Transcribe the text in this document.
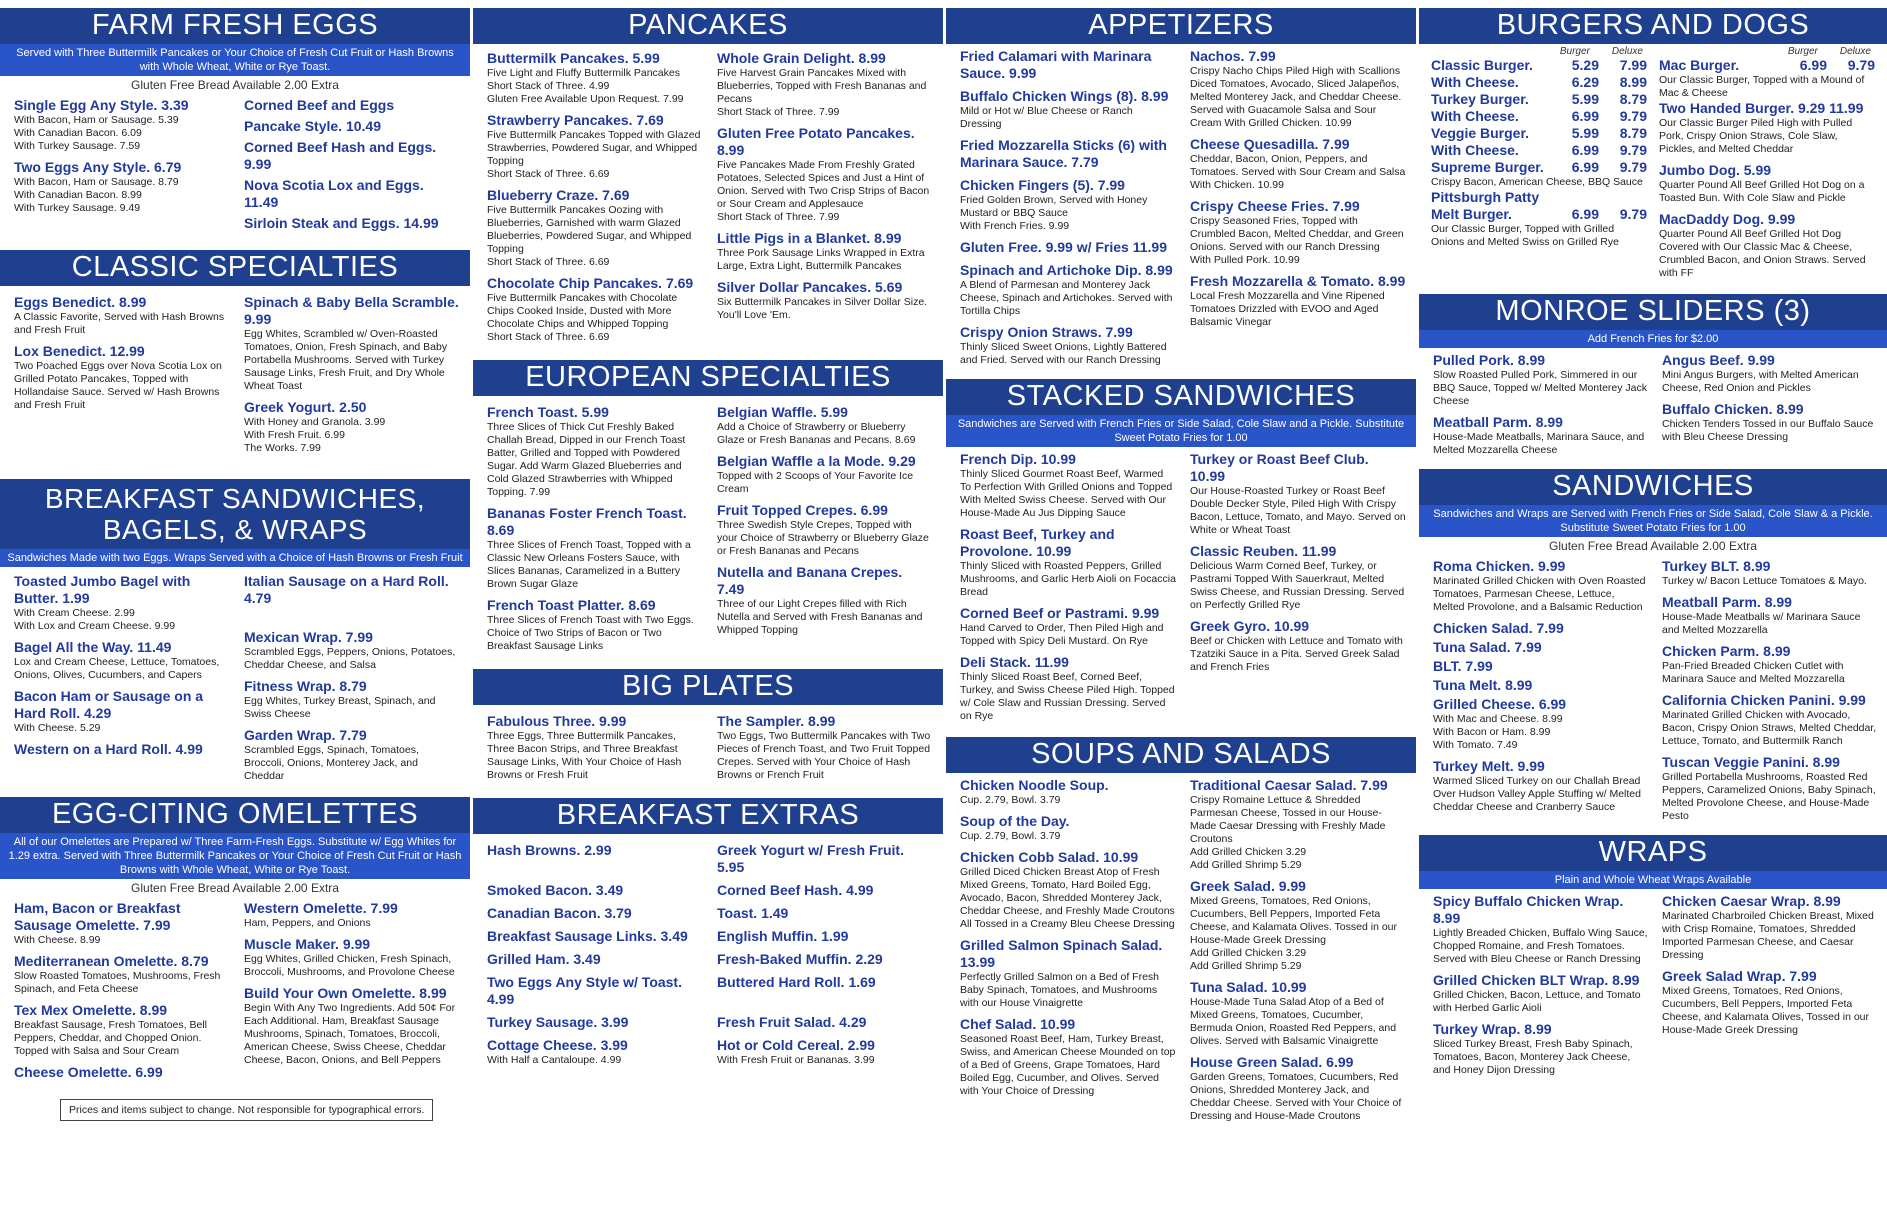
FARM FRESH EGGS
Served with Three Buttermilk Pancakes or Your Choice of Fresh Cut Fruit or Hash Browns with Whole Wheat, White or Rye Toast.
Gluten Free Bread Available 2.00 Extra
Single Egg Any Style. 3.39
With Bacon, Ham or Sausage. 5.39
With Canadian Bacon. 6.09
With Turkey Sausage. 7.59
Two Eggs Any Style. 6.79
With Bacon, Ham or Sausage. 8.79
With Canadian Bacon. 8.99
With Turkey Sausage. 9.49
Corned Beef and Eggs
Pancake Style. 10.49
Corned Beef Hash and Eggs. 9.99
Nova Scotia Lox and Eggs. 11.49
Sirloin Steak and Eggs. 14.99
CLASSIC SPECIALTIES
Eggs Benedict. 8.99
A Classic Favorite, Served with Hash Browns and Fresh Fruit
Lox Benedict. 12.99
Two Poached Eggs over Nova Scotia Lox on Grilled Potato Pancakes, Topped with Hollandaise Sauce. Served w/ Hash Browns and Fresh Fruit
Spinach & Baby Bella Scramble. 9.99
Egg Whites, Scrambled w/ Oven-Roasted Tomatoes, Onion, Fresh Spinach, and Baby Portabella Mushrooms. Served with Turkey Sausage Links, Fresh Fruit, and Dry Whole Wheat Toast
Greek Yogurt. 2.50
With Honey and Granola. 3.99
With Fresh Fruit. 6.99
The Works. 7.99
BREAKFAST SANDWICHES,
BAGELS, & WRAPS
Sandwiches Made with two Eggs. Wraps Served with a Choice of Hash Browns or Fresh Fruit
Toasted Jumbo Bagel with Butter. 1.99
With Cream Cheese. 2.99
With Lox and Cream Cheese. 9.99
Bagel All the Way. 11.49
Lox and Cream Cheese, Lettuce, Tomatoes, Onions, Olives, Cucumbers, and Capers
Bacon Ham or Sausage on a Hard Roll. 4.29
With Cheese. 5.29
Western on a Hard Roll. 4.99
Italian Sausage on a Hard Roll. 4.79
Mexican Wrap. 7.99
Scrambled Eggs, Peppers, Onions, Potatoes, Cheddar Cheese, and Salsa
Fitness Wrap. 8.79
Egg Whites, Turkey Breast, Spinach, and Swiss Cheese
Garden Wrap. 7.79
Scrambled Eggs, Spinach, Tomatoes, Broccoli, Onions, Monterey Jack, and Cheddar
EGG-CITING OMELETTES
All of our Omelettes are Prepared w/ Three Farm-Fresh Eggs. Substitute w/ Egg Whites for 1.29 extra. Served with Three Buttermilk Pancakes or Your Choice of Fresh Cut Fruit or Hash Browns with Whole Wheat, White or Rye Toast.
Gluten Free Bread Available 2.00 Extra
Ham, Bacon or Breakfast Sausage Omelette. 7.99
With Cheese. 8.99
Mediterranean Omelette. 8.79
Slow Roasted Tomatoes, Mushrooms, Fresh Spinach, and Feta Cheese
Tex Mex Omelette. 8.99
Breakfast Sausage, Fresh Tomatoes, Bell Peppers, Cheddar, and Chopped Onion. Topped with Salsa and Sour Cream
Cheese Omelette. 6.99
Western Omelette. 7.99
Ham, Peppers, and Onions
Muscle Maker. 9.99
Egg Whites, Grilled Chicken, Fresh Spinach, Broccoli, Mushrooms, and Provolone Cheese
Build Your Own Omelette. 8.99
Begin With Any Two Ingredients. Add 50¢ For Each Additional. Ham, Breakfast Sausage Mushrooms, Spinach, Tomatoes, Broccoli, American Cheese, Swiss Cheese, Cheddar Cheese, Bacon, Onions, and Bell Peppers
Prices and items subject to change. Not responsible for typographical errors.
PANCAKES
Buttermilk Pancakes. 5.99
Five Light and Fluffy Buttermilk Pancakes
Short Stack of Three. 4.99
Gluten Free Available Upon Request. 7.99
Strawberry Pancakes. 7.69
Five Buttermilk Pancakes Topped with Glazed Strawberries, Powdered Sugar, and Whipped Topping
Short Stack of Three. 6.69
Blueberry Craze. 7.69
Five Buttermilk Pancakes Oozing with Blueberries, Garnished with warm Glazed Blueberries, Powdered Sugar, and Whipped Topping
Short Stack of Three. 6.69
Chocolate Chip Pancakes. 7.69
Five Buttermilk Pancakes with Chocolate Chips Cooked Inside, Dusted with More Chocolate Chips and Whipped Topping
Short Stack of Three. 6.69
Whole Grain Delight. 8.99
Five Harvest Grain Pancakes Mixed with Blueberries, Topped with Fresh Bananas and Pecans
Short Stack of Three. 7.99
Gluten Free Potato Pancakes. 8.99
Five Pancakes Made From Freshly Grated Potatoes, Selected Spices and Just a Hint of Onion. Served with Two Crisp Strips of Bacon or Sour Cream and Applesauce
Short Stack of Three. 7.99
Little Pigs in a Blanket. 8.99
Three Pork Sausage Links Wrapped in Extra Large, Extra Light, Buttermilk Pancakes
Silver Dollar Pancakes. 5.69
Six Buttermilk Pancakes in Silver Dollar Size. You'll Love 'Em.
EUROPEAN SPECIALTIES
French Toast. 5.99
Three Slices of Thick Cut Freshly Baked Challah Bread, Dipped in our French Toast Batter, Grilled and Topped with Powdered Sugar. Add Warm Glazed Blueberries and Cold Glazed Strawberries with Whipped Topping. 7.99
Bananas Foster French Toast. 8.69
Three Slices of French Toast, Topped with a Classic New Orleans Fosters Sauce, with Slices Bananas, Caramelized in a Buttery Brown Sugar Glaze
French Toast Platter. 8.69
Three Slices of French Toast with Two Eggs. Choice of Two Strips of Bacon or Two Breakfast Sausage Links
Belgian Waffle. 5.99
Add a Choice of Strawberry or Blueberry Glaze or Fresh Bananas and Pecans. 8.69
Belgian Waffle a la Mode. 9.29
Topped with 2 Scoops of Your Favorite Ice Cream
Fruit Topped Crepes. 6.99
Three Swedish Style Crepes, Topped with your Choice of Strawberry or Blueberry Glaze or Fresh Bananas and Pecans
Nutella and Banana Crepes. 7.49
Three of our Light Crepes filled with Rich Nutella and Served with Fresh Bananas and Whipped Topping
BIG PLATES
Fabulous Three. 9.99
Three Eggs, Three Buttermilk Pancakes, Three Bacon Strips, and Three Breakfast Sausage Links, With Your Choice of Hash Browns or Fresh Fruit
The Sampler. 8.99
Two Eggs, Two Buttermilk Pancakes with Two Pieces of French Toast, and Two Fruit Topped Crepes. Served with Your Choice of Hash Browns or French Fruit
BREAKFAST EXTRAS
Hash Browns. 2.99	Greek Yogurt w/ Fresh Fruit. 5.95
Smoked Bacon. 3.49	Corned Beef Hash. 4.99
Canadian Bacon. 3.79	Toast. 1.49
Breakfast Sausage Links. 3.49	English Muffin. 1.99
Grilled Ham. 3.49	Fresh-Baked Muffin. 2.29
Two Eggs Any Style w/ Toast. 4.99
Buttered Hard Roll. 1.69
Turkey Sausage. 3.99	Fresh Fruit Salad. 4.29
Cottage Cheese. 3.99
With Half a Cantaloupe. 4.99
Hot or Cold Cereal. 2.99
With Fresh Fruit or Bananas. 3.99
APPETIZERS
Fried Calamari with Marinara Sauce. 9.99
Buffalo Chicken Wings (8). 8.99
Mild or Hot w/ Blue Cheese or Ranch Dressing
Fried Mozzarella Sticks (6) with Marinara Sauce. 7.79
Chicken Fingers (5). 7.99
Fried Golden Brown, Served with Honey Mustard or BBQ Sauce
With French Fries. 9.99
Gluten Free. 9.99 w/ Fries 11.99
Spinach and Artichoke Dip. 8.99
A Blend of Parmesan and Monterey Jack Cheese, Spinach and Artichokes. Served with Tortilla Chips
Crispy Onion Straws. 7.99
Thinly Sliced Sweet Onions, Lightly Battered and Fried. Served with our Ranch Dressing
Nachos. 7.99
Crispy Nacho Chips Piled High with Scallions Diced Tomatoes, Avocado, Sliced Jalapeños, Melted Monterey Jack, and Cheddar Cheese. Served with Guacamole Salsa and Sour Cream With Grilled Chicken. 10.99
Cheese Quesadilla. 7.99
Cheddar, Bacon, Onion, Peppers, and Tomatoes. Served with Sour Cream and Salsa
With Chicken. 10.99
Crispy Cheese Fries. 7.99
Crispy Seasoned Fries, Topped with Crumbled Bacon, Melted Cheddar, and Green Onions. Served with our Ranch Dressing
With Pulled Pork. 10.99
Fresh Mozzarella & Tomato. 8.99
Local Fresh Mozzarella and Vine Ripened Tomatoes Drizzled with EVOO and Aged Balsamic Vinegar
STACKED SANDWICHES
Sandwiches are Served with French Fries or Side Salad, Cole Slaw and a Pickle. Substitute Sweet Potato Fries for 1.00
French Dip. 10.99
Thinly Sliced Gourmet Roast Beef, Warmed To Perfection With Grilled Onions and Topped With Melted Swiss Cheese. Served with Our House-Made Au Jus Dipping Sauce
Roast Beef, Turkey and Provolone. 10.99
Thinly Sliced with Roasted Peppers, Grilled Mushrooms, and Garlic Herb Aioli on Focaccia Bread
Corned Beef or Pastrami. 9.99
Hand Carved to Order, Then Piled High and Topped with Spicy Deli Mustard. On Rye
Deli Stack. 11.99
Thinly Sliced Roast Beef, Corned Beef, Turkey, and Swiss Cheese Piled High. Topped w/ Cole Slaw and Russian Dressing. Served on Rye
Turkey or Roast Beef Club. 10.99
Our House-Roasted Turkey or Roast Beef Double Decker Style, Piled High With Crispy Bacon, Lettuce, Tomato, and Mayo. Served on White or Wheat Toast
Classic Reuben. 11.99
Delicious Warm Corned Beef, Turkey, or Pastrami Topped With Sauerkraut, Melted Swiss Cheese, and Russian Dressing. Served on Perfectly Grilled Rye
Greek Gyro. 10.99
Beef or Chicken with Lettuce and Tomato with Tzatziki Sauce in a Pita. Served Greek Salad and French Fries
SOUPS AND SALADS
Chicken Noodle Soup.
Cup. 2.79, Bowl. 3.79
Soup of the Day.
Cup. 2.79, Bowl. 3.79
Chicken Cobb Salad. 10.99
Grilled Diced Chicken Breast Atop of Fresh Mixed Greens, Tomato, Hard Boiled Egg, Avocado, Bacon, Shredded Monterey Jack, Cheddar Cheese, and Freshly Made Croutons All Tossed in a Creamy Bleu Cheese Dressing
Grilled Salmon Spinach Salad. 13.99
Perfectly Grilled Salmon on a Bed of Fresh Baby Spinach, Tomatoes, and Mushrooms with our House Vinaigrette
Chef Salad. 10.99
Seasoned Roast Beef, Ham, Turkey Breast, Swiss, and American Cheese Mounded on top of a Bed of Greens, Grape Tomatoes, Hard Boiled Egg, Cucumber, and Olives. Served with Your Choice of Dressing
Traditional Caesar Salad. 7.99
Crispy Romaine Lettuce & Shredded Parmesan Cheese, Tossed in our House-Made Caesar Dressing with Freshly Made Croutons
Add Grilled Chicken 3.29
Add Grilled Shrimp 5.29
Greek Salad. 9.99
Mixed Greens, Tomatoes, Red Onions, Cucumbers, Bell Peppers, Imported Feta Cheese, and Kalamata Olives. Tossed in our House-Made Greek Dressing
Add Grilled Chicken 3.29
Add Grilled Shrimp 5.29
Tuna Salad. 10.99
House-Made Tuna Salad Atop of a Bed of Mixed Greens, Tomatoes, Cucumber, Bermuda Onion, Roasted Red Peppers, and Olives. Served with Balsamic Vinaigrette
House Green Salad. 6.99
Garden Greens, Tomatoes, Cucumbers, Red Onions, Shredded Monterey Jack, and Cheddar Cheese. Served with Your Choice of Dressing and House-Made Croutons
BURGERS AND DOGS
Burger Deluxe
Classic Burger.	5.29 7.99
With Cheese.	6.29 8.99
Turkey Burger.	5.99 8.79
With Cheese.	6.99 9.79
Veggie Burger.	5.99 8.79
With Cheese.	6.99 9.79
Supreme Burger.	6.99 9.79
Crispy Bacon, American Cheese, BBQ Sauce
Pittsburgh Patty
Melt Burger.	6.99 9.79
Our Classic Burger, Topped with Grilled Onions and Melted Swiss on Grilled Rye
Burger Deluxe
Mac Burger.	6.99 9.79
Our Classic Burger, Topped with a Mound of Mac & Cheese
Two Handed Burger. 9.29 11.99
Our Classic Burger Piled High with Pulled Pork, Crispy Onion Straws, Cole Slaw, Pickles, and Melted Cheddar
Jumbo Dog. 5.99
Quarter Pound All Beef Grilled Hot Dog on a Toasted Bun. With Cole Slaw and Pickle
MacDaddy Dog. 9.99
Quarter Pound All Beef Grilled Hot Dog Covered with Our Classic Mac & Cheese, Crumbled Bacon, and Onion Straws. Served with FF
MONROE SLIDERS (3)
Add French Fries for $2.00
Pulled Pork. 8.99
Slow Roasted Pulled Pork, Simmered in our BBQ Sauce, Topped w/ Melted Monterey Jack Cheese
Meatball Parm. 8.99
House-Made Meatballs, Marinara Sauce, and Melted Mozzarella Cheese
Angus Beef. 9.99
Mini Angus Burgers, with Melted American Cheese, Red Onion and Pickles
Buffalo Chicken. 8.99
Chicken Tenders Tossed in our Buffalo Sauce with Bleu Cheese Dressing
SANDWICHES
Sandwiches and Wraps are Served with French Fries or Side Salad, Cole Slaw & a Pickle. Substitute Sweet Potato Fries for 1.00
Gluten Free Bread Available 2.00 Extra
Roma Chicken. 9.99
Marinated Grilled Chicken with Oven Roasted Tomatoes, Parmesan Cheese, Lettuce, Melted Provolone, and a Balsamic Reduction
Chicken Salad. 7.99
Tuna Salad. 7.99
BLT. 7.99
Tuna Melt. 8.99
Grilled Cheese. 6.99
With Mac and Cheese. 8.99
With Bacon or Ham. 8.99
With Tomato. 7.49
Turkey Melt. 9.99
Warmed Sliced Turkey on our Challah Bread Over Hudson Valley Apple Stuffing w/ Melted Cheddar Cheese and Cranberry Sauce
Turkey BLT. 8.99
Turkey w/ Bacon Lettuce Tomatoes & Mayo.
Meatball Parm. 8.99
House-Made Meatballs w/ Marinara Sauce and Melted Mozzarella
Chicken Parm. 8.99
Pan-Fried Breaded Chicken Cutlet with Marinara Sauce and Melted Mozzarella
California Chicken Panini. 9.99
Marinated Grilled Chicken with Avocado, Bacon, Crispy Onion Straws, Melted Cheddar, Lettuce, Tomato, and Buttermilk Ranch
Tuscan Veggie Panini. 8.99
Grilled Portabella Mushrooms, Roasted Red Peppers, Caramelized Onions, Baby Spinach, Melted Provolone Cheese, and House-Made Pesto
WRAPS
Plain and Whole Wheat Wraps Available
Spicy Buffalo Chicken Wrap. 8.99
Lightly Breaded Chicken, Buffalo Wing Sauce, Chopped Romaine, and Fresh Tomatoes. Served with Bleu Cheese or Ranch Dressing
Grilled Chicken BLT Wrap. 8.99
Grilled Chicken, Bacon, Lettuce, and Tomato with Herbed Garlic Aioli
Turkey Wrap. 8.99
Sliced Turkey Breast, Fresh Baby Spinach, Tomatoes, Bacon, Monterey Jack Cheese, and Honey Dijon Dressing
Chicken Caesar Wrap. 8.99
Marinated Charbroiled Chicken Breast, Mixed with Crisp Romaine, Tomatoes, Shredded Imported Parmesan Cheese, and Caesar Dressing
Greek Salad Wrap. 7.99
Mixed Greens, Tomatoes, Red Onions, Cucumbers, Bell Peppers, Imported Feta Cheese, and Kalamata Olives, Tossed in our House-Made Greek Dressing
